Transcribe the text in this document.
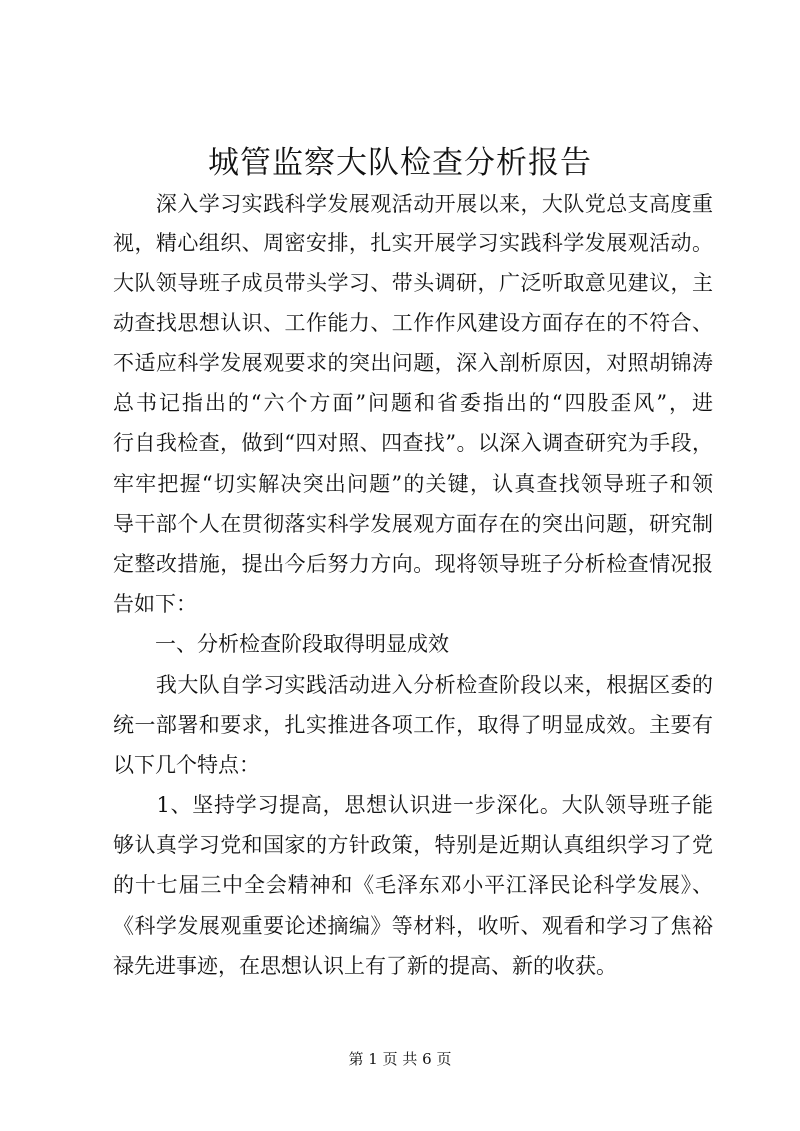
城管监察大队检查分析报告
　　深入学习实践科学发展观活动开展以来，大队党总支高度重
视，精心组织、周密安排，扎实开展学习实践科学发展观活动。
大队领导班子成员带头学习、带头调研，广泛听取意见建议，主
动查找思想认识、工作能力、工作作风建设方面存在的不符合、
不适应科学发展观要求的突出问题，深入剖析原因，对照胡锦涛
总书记指出的“六个方面”问题和省委指出的“四股歪风”，进
行自我检查，做到“四对照、四查找”。以深入调查研究为手段，
牢牢把握“切实解决突出问题”的关键，认真查找领导班子和领
导干部个人在贯彻落实科学发展观方面存在的突出问题，研究制
定整改措施，提出今后努力方向。现将领导班子分析检查情况报
告如下：
　　一、分析检查阶段取得明显成效
　　我大队自学习实践活动进入分析检查阶段以来，根据区委的
统一部署和要求，扎实推进各项工作，取得了明显成效。主要有
以下几个特点：
　　1、坚持学习提高，思想认识进一步深化。大队领导班子能
够认真学习党和国家的方针政策，特别是近期认真组织学习了党
的十七届三中全会精神和《毛泽东邓小平江泽民论科学发展》、
《科学发展观重要论述摘编》等材料，收听、观看和学习了焦裕
禄先进事迹，在思想认识上有了新的提高、新的收获。
第 1 页 共 6 页
